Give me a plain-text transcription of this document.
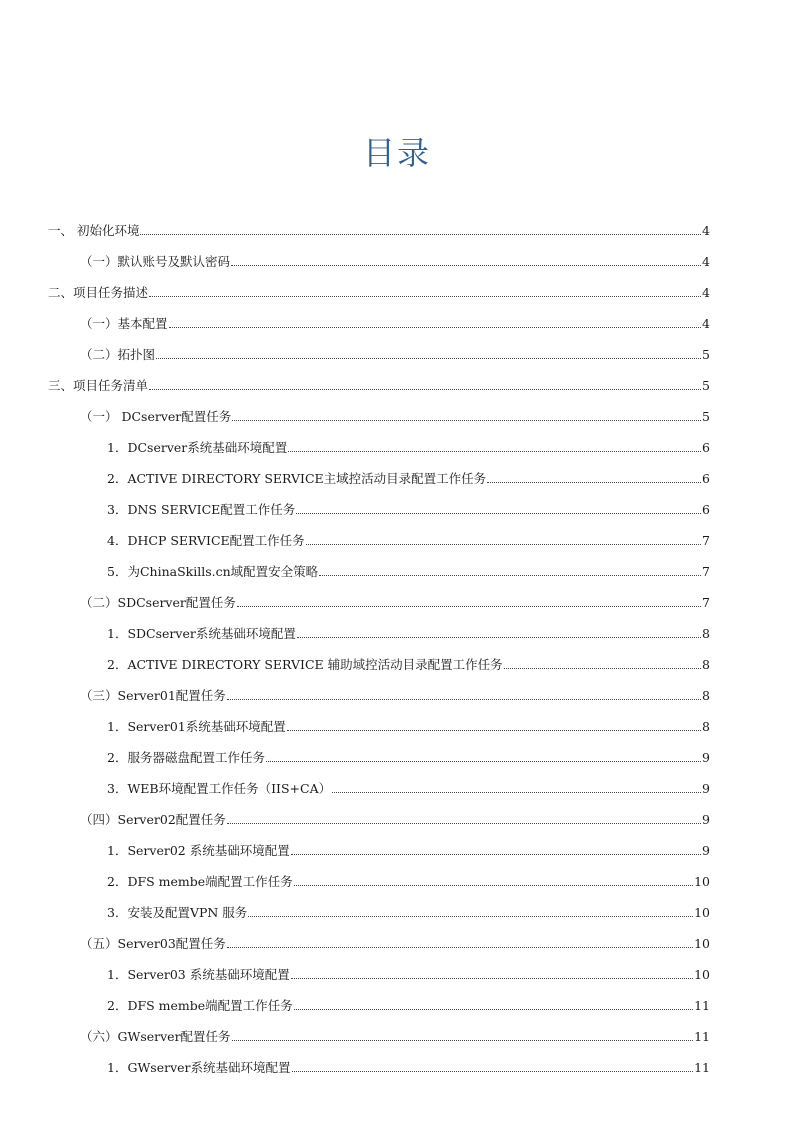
目录
一、 初始化环境	4
（一）默认账号及默认密码	4
二、项目任务描述	4
（一）基本配置	4
（二）拓扑图	5
三、项目任务清单	5
（一） DCserver配置任务	5
1．DCserver系统基础环境配置	6
2．ACTIVE DIRECTORY SERVICE主域控活动目录配置工作任务	6
3．DNS SERVICE配置工作任务	6
4．DHCP SERVICE配置工作任务	7
5．为ChinaSkills.cn域配置安全策略	7
（二）SDCserver配置任务	7
1．SDCserver系统基础环境配置	8
2．ACTIVE DIRECTORY SERVICE 辅助域控活动目录配置工作任务	8
（三）Server01配置任务	8
1．Server01系统基础环境配置	8
2．服务器磁盘配置工作任务	9
3．WEB环境配置工作任务（IIS+CA）	9
（四）Server02配置任务	9
1．Server02 系统基础环境配置	9
2．DFS membe端配置工作任务	10
3．安装及配置VPN 服务	10
（五）Server03配置任务	10
1．Server03 系统基础环境配置	10
2．DFS membe端配置工作任务	11
（六）GWserver配置任务	11
1．GWserver系统基础环境配置	11
